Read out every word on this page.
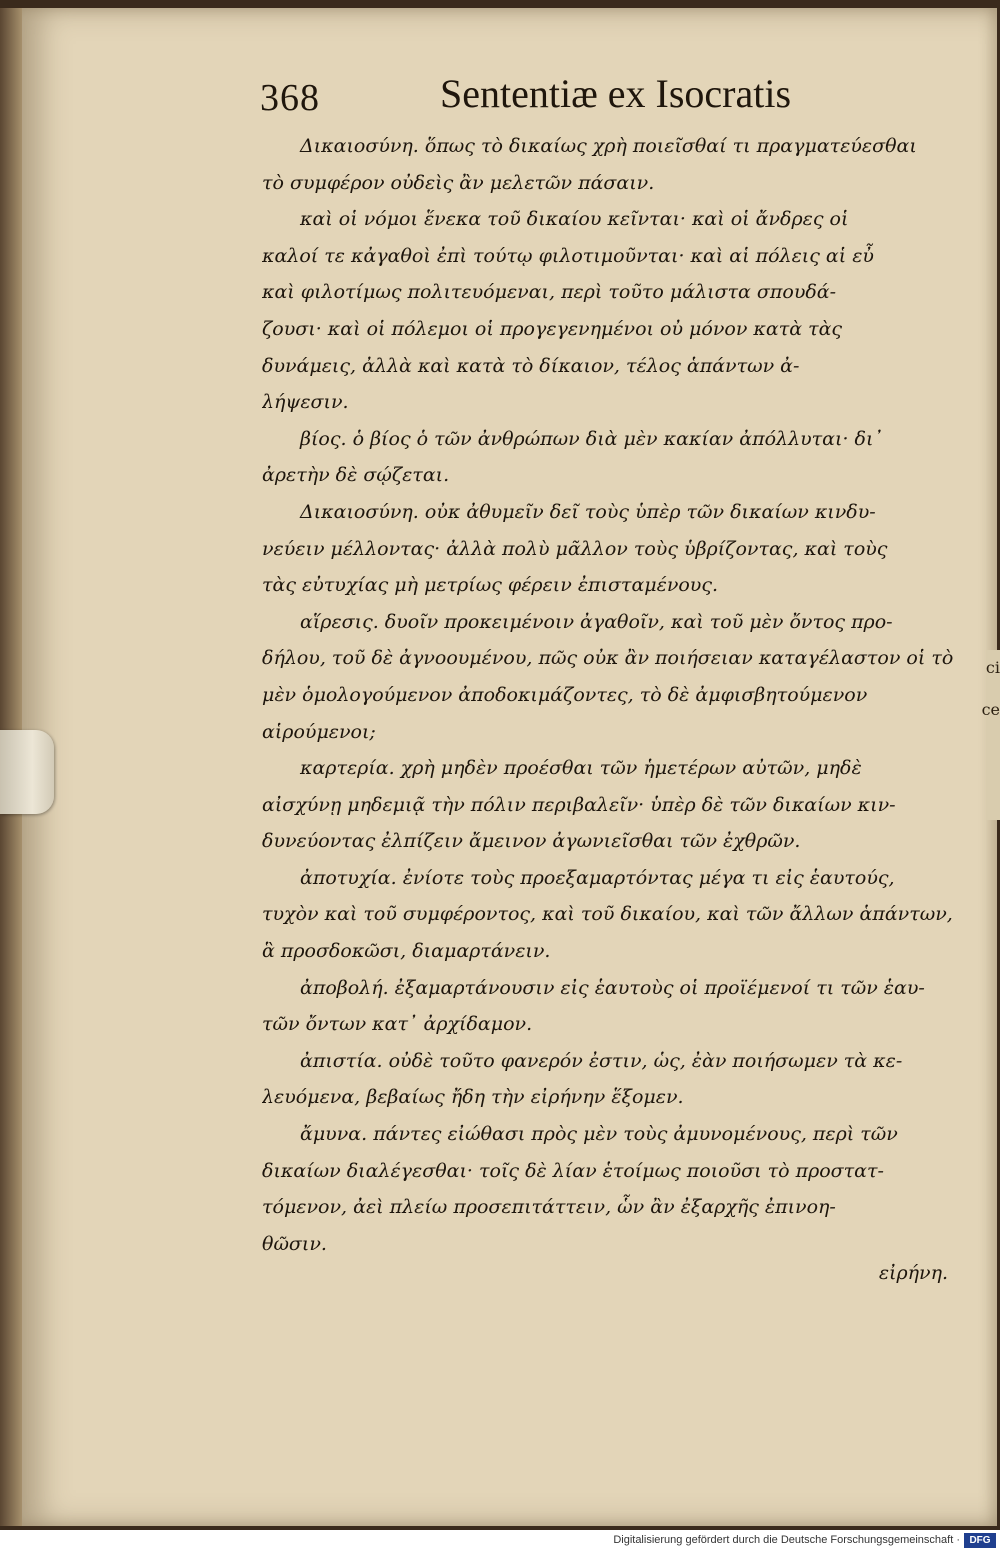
ci
ce
368	Sententiæ ex Isocratis
Δικαιοσύνη. ὅπως τὸ δικαίως χρὴ ποιεῖσθαί τι πραγματεύεσθαι
τὸ συμφέρον οὐδεὶς ἂν μελετῶν πάσαιν.
καὶ οἱ νόμοι ἕνεκα τοῦ δικαίου κεῖνται· καὶ οἱ ἄνδρες οἱ
καλοί τε κἀγαθοὶ ἐπὶ τούτῳ φιλοτιμοῦνται· καὶ αἱ πόλεις αἱ εὖ
καὶ φιλοτίμως πολιτευόμεναι, περὶ τοῦτο μάλιστα σπουδά-
ζουσι· καὶ οἱ πόλεμοι οἱ προγεγενημένοι οὐ μόνον κατὰ τὰς
δυνάμεις, ἀλλὰ καὶ κατὰ τὸ δίκαιον, τέλος ἁπάντων ἀ-
λήψεσιν.
βίος. ὁ βίος ὁ τῶν ἀνθρώπων διὰ μὲν κακίαν ἀπόλλυται· δι᾽
ἀρετὴν δὲ σῴζεται.
Δικαιοσύνη. οὐκ ἀθυμεῖν δεῖ τοὺς ὑπὲρ τῶν δικαίων κινδυ-
νεύειν μέλλοντας· ἀλλὰ πολὺ μᾶλλον τοὺς ὑβρίζοντας, καὶ τοὺς
τὰς εὐτυχίας μὴ μετρίως φέρειν ἐπισταμένους.
αἵρεσις. δυοῖν προκειμένοιν ἀγαθοῖν, καὶ τοῦ μὲν ὄντος προ-
δήλου, τοῦ δὲ ἀγνοουμένου, πῶς οὐκ ἂν ποιήσειαν καταγέλαστον οἱ τὸ
μὲν ὁμολογούμενον ἀποδοκιμάζοντες, τὸ δὲ ἀμφισβητούμενον
αἱρούμενοι;
καρτερία. χρὴ μηδὲν προέσθαι τῶν ἡμετέρων αὐτῶν, μηδὲ
αἰσχύνῃ μηδεμιᾷ τὴν πόλιν περιβαλεῖν· ὑπὲρ δὲ τῶν δικαίων κιν-
δυνεύοντας ἐλπίζειν ἄμεινον ἀγωνιεῖσθαι τῶν ἐχθρῶν.
ἀποτυχία. ἐνίοτε τοὺς προεξαμαρτόντας μέγα τι εἰς ἑαυτούς,
τυχὸν καὶ τοῦ συμφέροντος, καὶ τοῦ δικαίου, καὶ τῶν ἄλλων ἁπάντων,
ἃ προσδοκῶσι, διαμαρτάνειν.
ἀποβολή. ἐξαμαρτάνουσιν εἰς ἑαυτοὺς οἱ προϊέμενοί τι τῶν ἑαυ-
τῶν ὄντων κατ᾽ ἀρχίδαμον.
ἀπιστία. οὐδὲ τοῦτο φανερόν ἐστιν, ὡς, ἐὰν ποιήσωμεν τὰ κε-
λευόμενα, βεβαίως ἤδη τὴν εἰρήνην ἕξομεν.
ἄμυνα. πάντες εἰώθασι πρὸς μὲν τοὺς ἀμυνομένους, περὶ τῶν
δικαίων διαλέγεσθαι· τοῖς δὲ λίαν ἑτοίμως ποιοῦσι τὸ προστατ-
τόμενον, ἀεὶ πλείω προσεπιτάττειν, ὧν ἂν ἐξαρχῆς ἐπινοη-
θῶσιν.
εἰρήνη.
Digitalisierung gefördert durch die Deutsche Forschungsgemeinschaft · DFG
